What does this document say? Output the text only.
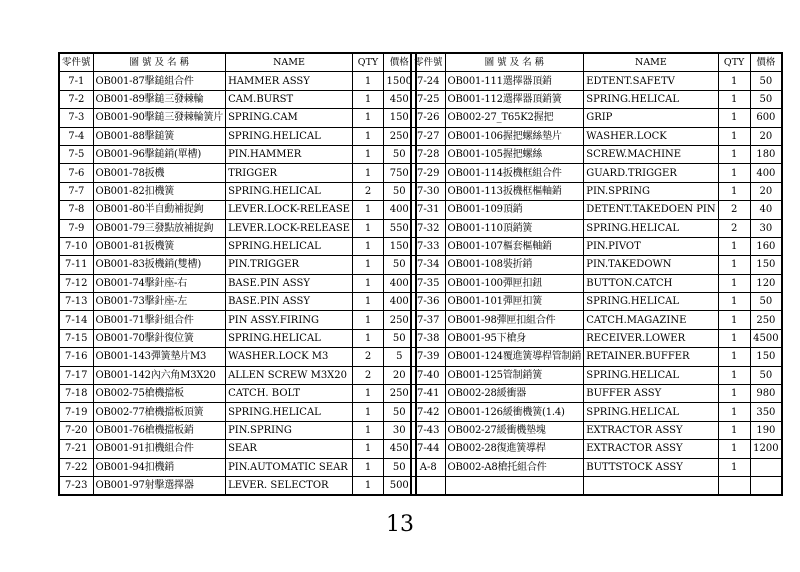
零件號	圖 號 及 名 稱	NAME	QTY	價格
7-1	OB001-87擊鎚組合件	HAMMER ASSY	1	1500
7-2	OB001-89擊鎚三發棘輪	CAM.BURST	1	450
7-3	OB001-90擊鎚三發棘輪簧片	SPRING.CAM	1	150
7-4	OB001-88擊鎚簧	SPRING.HELICAL	1	250
7-5	OB001-96擊鎚銷(單槽)	PIN.HAMMER	1	50
7-6	OB001-78扳機	TRIGGER	1	750
7-7	OB001-82扣機簧	SPRING.HELICAL	2	50
7-8	OB001-80半自動補捉鉤	LEVER.LOCK-RELEASE	1	400
7-9	OB001-79三發點放補捉鉤	LEVER.LOCK-RELEASE	1	550
7-10	OB001-81扳機簧	SPRING.HELICAL	1	150
7-11	OB001-83扳機銷(雙槽)	PIN.TRIGGER	1	50
7-12	OB001-74擊針座-右	BASE.PIN ASSY	1	400
7-13	OB001-73擊針座-左	BASE.PIN ASSY	1	400
7-14	OB001-71擊針組合件	PIN ASSY.FIRING	1	250
7-15	OB001-70擊針復位簧	SPRING.HELICAL	1	50
7-16	OB001-143彈簧墊片M3	WASHER.LOCK M3	2	5
7-17	OB001-142內六角M3X20	ALLEN SCREW M3X20	2	20
7-18	OB002-75槍機擋板	CATCH. BOLT	1	250
7-19	OB002-77槍機擋板頂簧	SPRING.HELICAL	1	50
7-20	OB001-76槍機擋板銷	PIN.SPRING	1	30
7-21	OB001-91扣機組合件	SEAR	1	450
7-22	OB001-94扣機銷	PIN.AUTOMATIC SEAR	1	50
7-23	OB001-97射擊選擇器	LEVER. SELECTOR	1	500
零件號	圖 號 及 名 稱	NAME	QTY	價格
7-24	OB001-111選擇器頂銷	EDTENT.SAFETV	1	50
7-25	OB001-112選擇器頂銷簧	SPRING.HELICAL	1	50
7-26	OB002-27_T65K2握把	GRIP	1	600
7-27	OB001-106握把螺絲墊片	WASHER.LOCK	1	20
7-28	OB001-105握把螺絲	SCREW.MACHINE	1	180
7-29	OB001-114扳機框組合件	GUARD.TRIGGER	1	400
7-30	OB001-113扳機框樞軸銷	PIN.SPRING	1	20
7-31	OB001-109頂銷	DETENT.TAKEDOEN PIN	2	40
7-32	OB001-110頂銷簧	SPRING.HELICAL	2	30
7-33	OB001-107樞套樞軸銷	PIN.PIVOT	1	160
7-34	OB001-108裝折銷	PIN.TAKEDOWN	1	150
7-35	OB001-100彈匣扣鈕	BUTTON.CATCH	1	120
7-36	OB001-101彈匣扣簧	SPRING.HELICAL	1	50
7-37	OB001-98彈匣扣組合件	CATCH.MAGAZINE	1	250
7-38	OB001-95下槍身	RECEIVER.LOWER	1	4500
7-39	OB001-124覆進簧導桿管制銷	RETAINER.BUFFER	1	150
7-40	OB001-125管制銷簧	SPRING.HELICAL	1	50
7-41	OB002-28緩衝器	BUFFER ASSY	1	980
7-42	OB001-126緩衝機簧(1.4)	SPRING.HELICAL	1	350
7-43	OB002-27緩衝機墊塊	EXTRACTOR ASSY	1	190
7-44	OB002-28復進簧導桿	EXTRACTOR ASSY	1	1200
A-8	OB002-A8槍托組合件	BUTTSTOCK ASSY	1	

13
